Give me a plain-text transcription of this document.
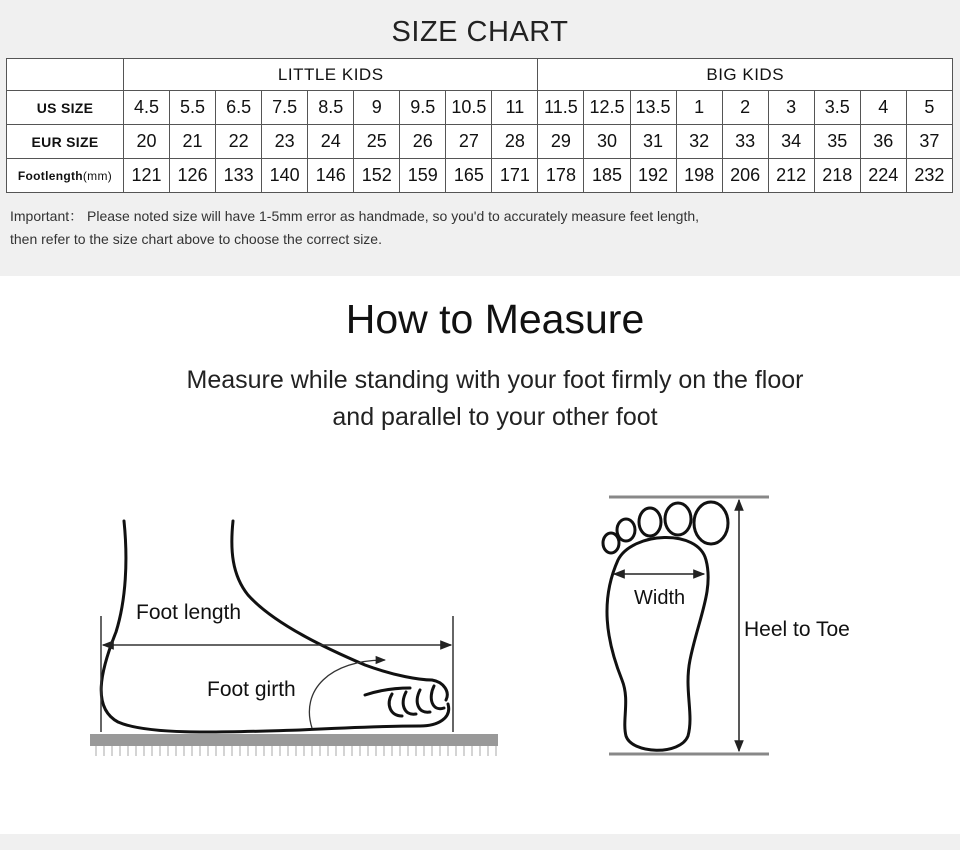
SIZE CHART
	LITTLE KIDS									BIG KIDS								
US SIZE	4.5	5.5	6.5	7.5	8.5	9	9.5	10.5	11	11.5	12.5	13.5	1	2	3	3.5	4	5
EUR SIZE	20	21	22	23	24	25	26	27	28	29	30	31	32	33	34	35	36	37
Footlength(mm)	121	126	133	140	146	152	159	165	171	178	185	192	198	206	212	218	224	232
Important： Please noted size will have 1-5mm error as handmade, so you'd to accurately measure feet length,
then refer to the size chart above to choose the correct size.
How to Measure
Measure while standing with your foot firmly on the floor
and parallel to your other foot
Foot length
Foot girth
Width
Heel to Toe
